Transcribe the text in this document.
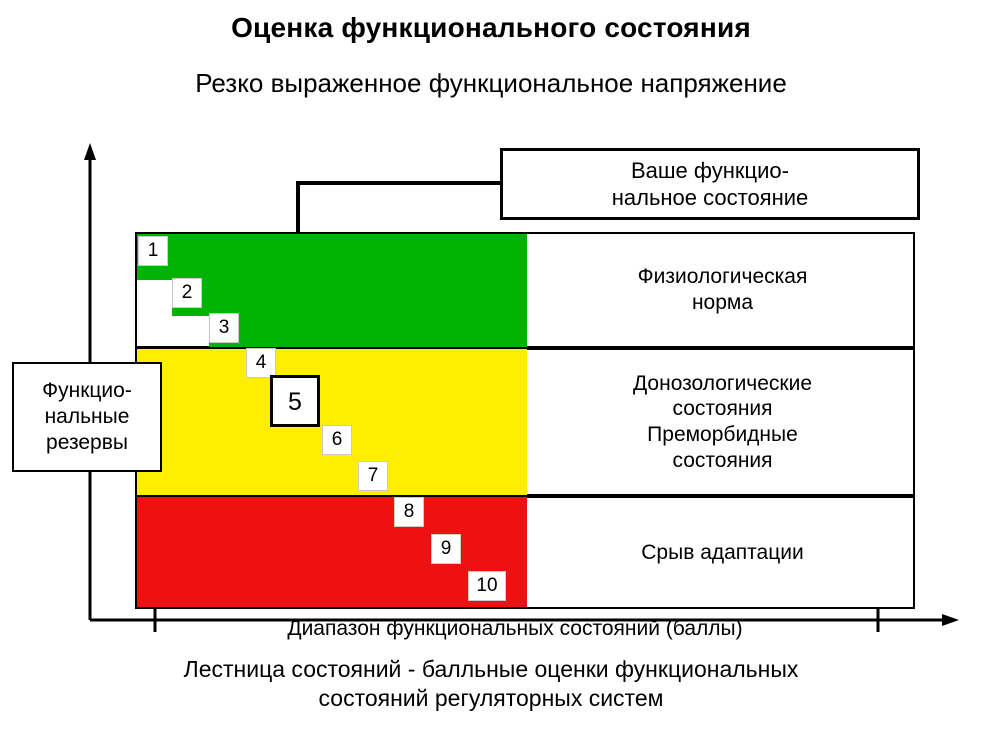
Оценка функционального состояния
Резко выраженное функциональное напряжение
Физиологическая
норма
Донозологические
состояния
Преморбидные
состояния
Срыв адаптации
1
2
3
4
5
6
7
8
9
10
Ваше функцио-
нальное состояние
Функцио-
нальные
резервы
Диапазон функциональных состояний (баллы)
Лестница состояний - балльные оценки функциональных
состояний регуляторных систем
